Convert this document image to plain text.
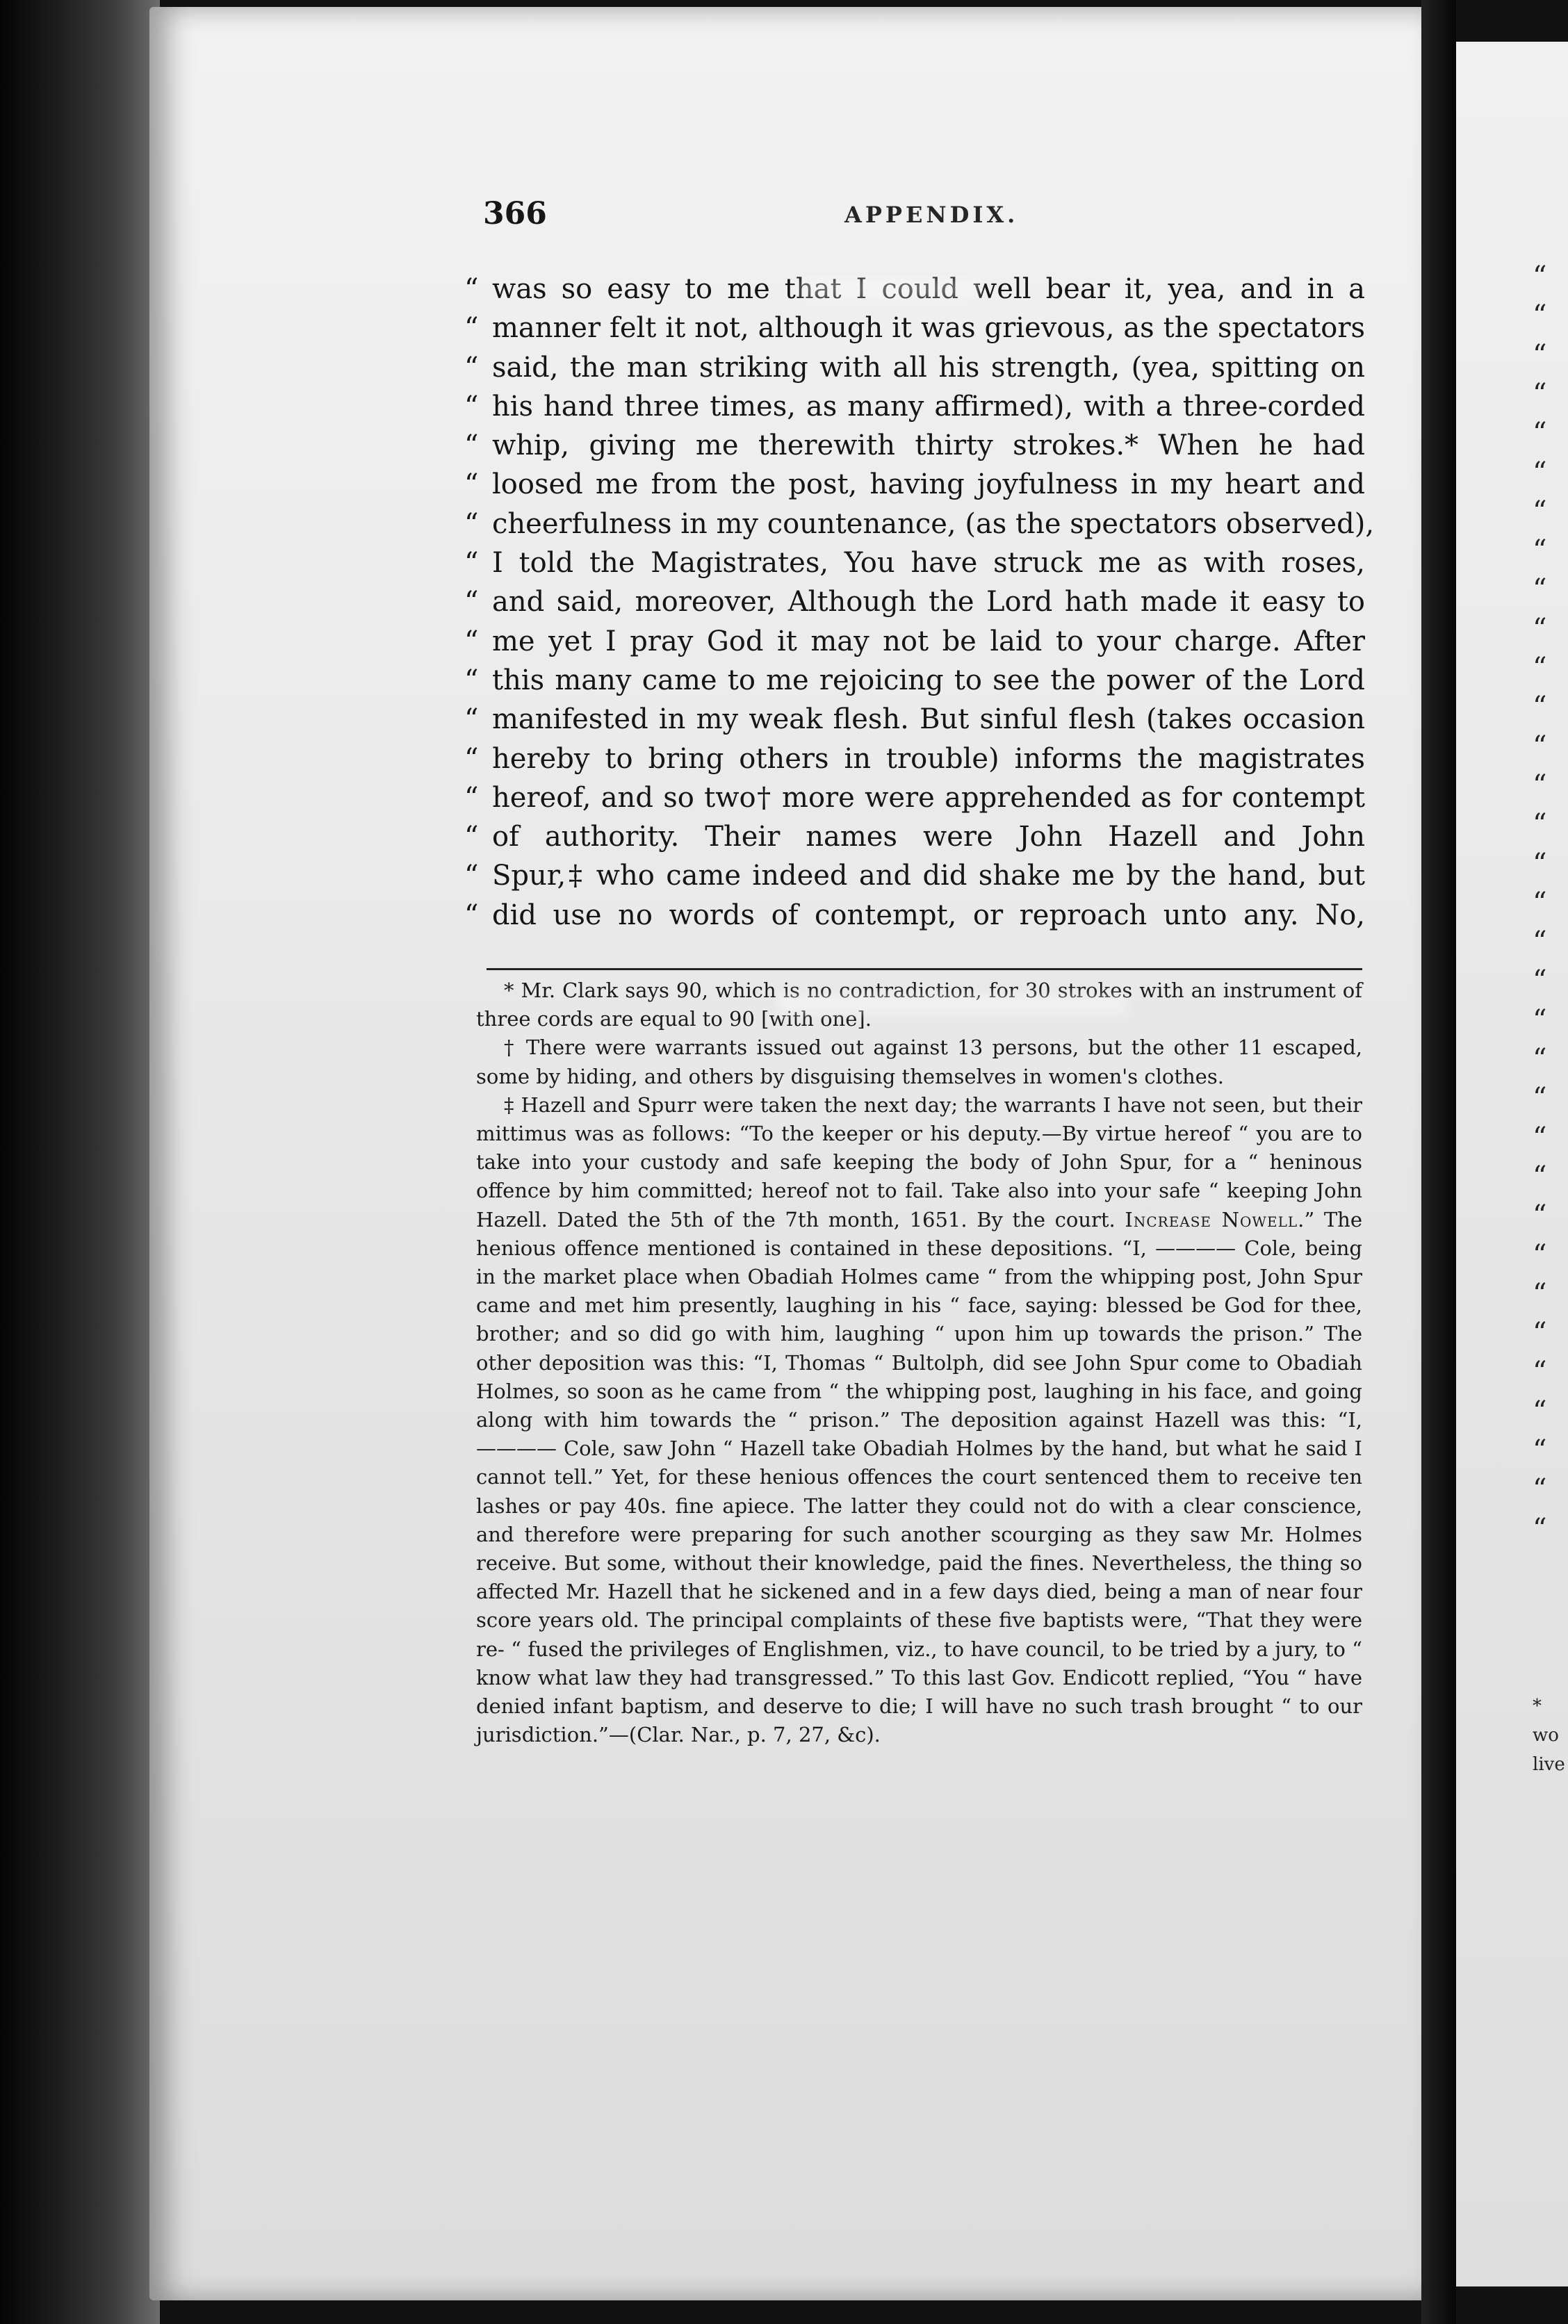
“
“
“
“
“
“
“
“
“
“
“
“
“
“
“
“
“
“
“
“
“
“
“
“
“
“
“
“
“
“
“
“
“
*
wo
live
366	APPENDIX.
“ was so easy to me that I could well bear it, yea, and in a
“ manner felt it not, although it was grievous, as the spectators
“ said, the man striking with all his strength, (yea, spitting on
“ his hand three times, as many affirmed), with a three-corded
“ whip, giving me therewith thirty strokes.* When he had
“ loosed me from the post, having joyfulness in my heart and
“ cheerfulness in my countenance, (as the spectators observed),
“ I told the Magistrates, You have struck me as with roses,
“ and said, moreover, Although the Lord hath made it easy to
“ me yet I pray God it may not be laid to your charge. After
“ this many came to me rejoicing to see the power of the Lord
“ manifested in my weak flesh. But sinful flesh (takes occasion
“ hereby to bring others in trouble) informs the magistrates
“ hereof, and so two† more were apprehended as for contempt
“ of authority. Their names were John Hazell and John
“ Spur,‡ who came indeed and did shake me by the hand, but
“ did use no words of contempt, or reproach unto any. No,

* Mr. Clark says 90, which is no contradiction, for 30 strokes with an instrument of three cords are equal to 90 [with one].

† There were warrants issued out against 13 persons, but the other 11 escaped, some by hiding, and others by disguising themselves in women's clothes.

‡ Hazell and Spurr were taken the next day; the warrants I have not seen, but their mittimus was as follows: “To the keeper or his deputy.—By virtue hereof “ you are to take into your custody and safe keeping the body of John Spur, for a “ heninous offence by him committed; hereof not to fail. Take also into your safe “ keeping John Hazell. Dated the 5th of the 7th month, 1651. By the court. Increase Nowell.” The henious offence mentioned is contained in these depositions. “I, ———— Cole, being in the market place when Obadiah Holmes came “ from the whipping post, John Spur came and met him presently, laughing in his “ face, saying: blessed be God for thee, brother; and so did go with him, laughing “ upon him up towards the prison.” The other deposition was this: “I, Thomas “ Bultolph, did see John Spur come to Obadiah Holmes, so soon as he came from “ the whipping post, laughing in his face, and going along with him towards the “ prison.” The deposition against Hazell was this: “I, ———— Cole, saw John “ Hazell take Obadiah Holmes by the hand, but what he said I cannot tell.” Yet, for these henious offences the court sentenced them to receive ten lashes or pay 40s. fine apiece. The latter they could not do with a clear conscience, and therefore were preparing for such another scourging as they saw Mr. Holmes receive. But some, without their knowledge, paid the fines. Nevertheless, the thing so affected Mr. Hazell that he sickened and in a few days died, being a man of near four score years old. The principal complaints of these five baptists were, “That they were re- “ fused the privileges of Englishmen, viz., to have council, to be tried by a jury, to “ know what law they had transgressed.” To this last Gov. Endicott replied, “You “ have denied infant baptism, and deserve to die; I will have no such trash brought “ to our jurisdiction.”—(Clar. Nar., p. 7, 27, &c).
